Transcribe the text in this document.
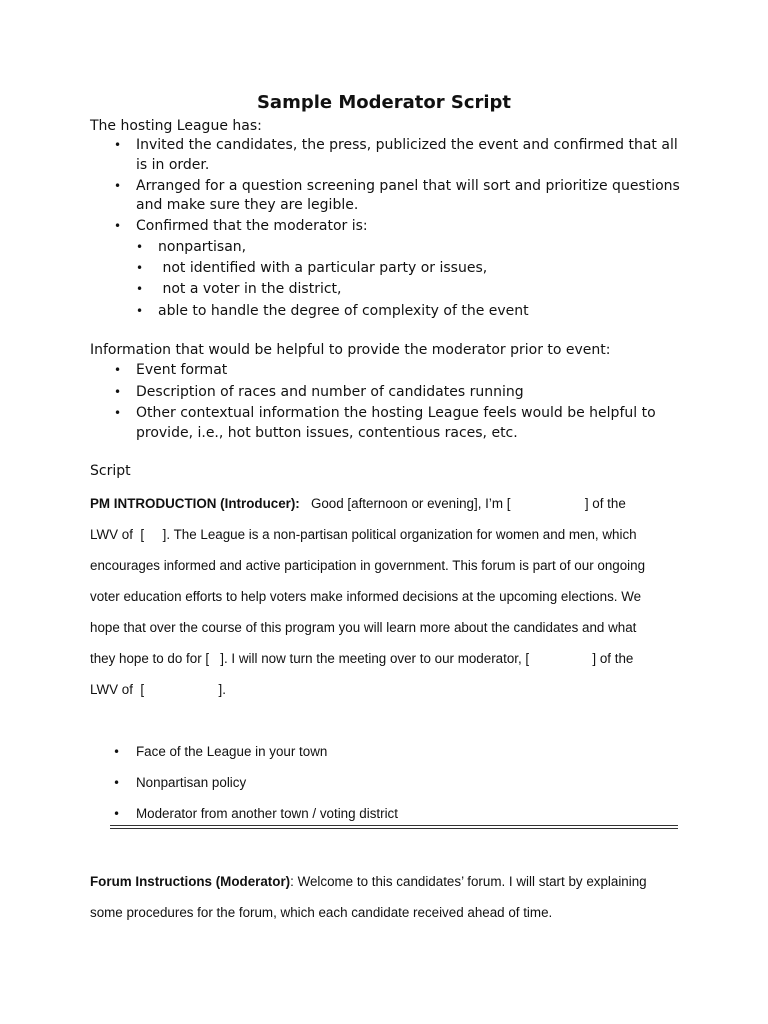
Sample Moderator Script

The hosting League has:

• Invited the candidates, the press, publicized the event and confirmed that all

is in order.

• Arranged for a question screening panel that will sort and prioritize questions

and make sure they are legible.

• Confirmed that the moderator is:

• nonpartisan,

• not identified with a particular party or issues,

• not a voter in the district,

• able to handle the degree of complexity of the event

Information that would be helpful to provide the moderator prior to event:

• Event format

• Description of races and number of candidates running

• Other contextual information the hosting League feels would be helpful to

provide, i.e., hot button issues, contentious races, etc.

Script

PM INTRODUCTION (Introducer):   Good [afternoon or evening], I’m [                    ] of the

LWV of  [     ]. The League is a non-partisan political organization for women and men, which

encourages informed and active participation in government. This forum is part of our ongoing

voter education efforts to help voters make informed decisions at the upcoming elections. We

hope that over the course of this program you will learn more about the candidates and what

they hope to do for [   ]. I will now turn the meeting over to our moderator, [                 ] of the

LWV of  [                    ].

• Face of the League in your town

• Nonpartisan policy

• Moderator from another town / voting district

Forum Instructions (Moderator): Welcome to this candidates’ forum. I will start by explaining

some procedures for the forum, which each candidate received ahead of time.
